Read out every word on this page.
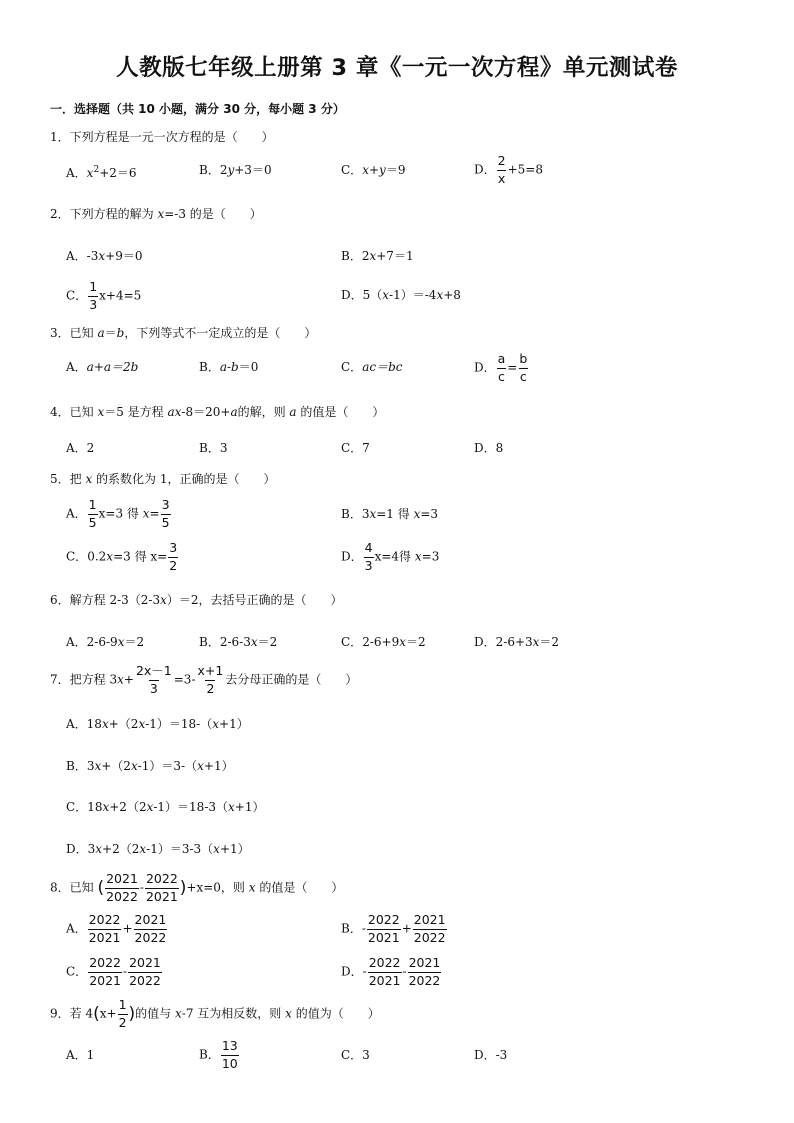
人教版七年级上册第 3 章《一元一次方程》单元测试卷
一．选择题（共 10 小题，满分 30 分，每小题 3 分）
1．下列方程是一元一次方程的是（　　）
A．$x^2+2=6$	B．2y+3＝0	C．x+y＝9	D． $\frac{2}{x} +5=8$
2．下列方程的解为 x=-3 的是（　　）
A．-3x+9＝0	B．2x+7＝1
C． $\frac{1}{3} x+4=5$	D．5（x-1）＝-4x+8
3．已知 a＝b，下列等式不一定成立的是（　　）
A．a+a＝2b	B．a-b＝0	C．ac＝bc	D． $\frac{a}{c} = \frac{b}{c}$
4．已知 x＝5 是方程 ax-8＝20+a的解，则 a 的值是（　　）
A．2	B．3	C．7	D．8
5．把 x 的系数化为 1，正确的是（　　）
A． $\frac{1}{5} x=3$ 得 $x= \frac{3}{5}$	B．3x=1 得 x=3
C．0.2x=3 得 $x= \frac{3}{2}$	D． $\frac{4}{3} x=4$得 x=3
6．解方程 2-3（2-3x）＝2，去括号正确的是（　　）
A．2-6-9x＝2	B．2-6-3x＝2	C．2-6+9x＝2	D．2-6+3x＝2
7．把方程 $3x+ \frac{2x-1}{3} =3- \frac{x+1}{2}$ 去分母正确的是（　　）
A．18x+（2x-1）＝18-（x+1）
B．3x+（2x-1）＝3-（x+1）
C．18x+2（2x-1）＝18-3（x+1）
D．3x+2（2x-1）＝3-3（x+1）
8．已知 ( $\frac{2021}{2022} - \frac{2022}{2021} )+x=0$，则 x 的值是（　　）
A． $\frac{2022}{2021} + \frac{2021}{2022}$	B．- $\frac{2022}{2021} + \frac{2021}{2022}$
C． $\frac{2022}{2021} - \frac{2021}{2022}$	D．- $\frac{2022}{2021} - \frac{2021}{2022}$
9．若 $4(x+ \frac{1}{2}$ )的值与 x-7 互为相反数，则 x 的值为（　　）
A．1	B． $\frac{13}{10}$	C．3	D．-3
